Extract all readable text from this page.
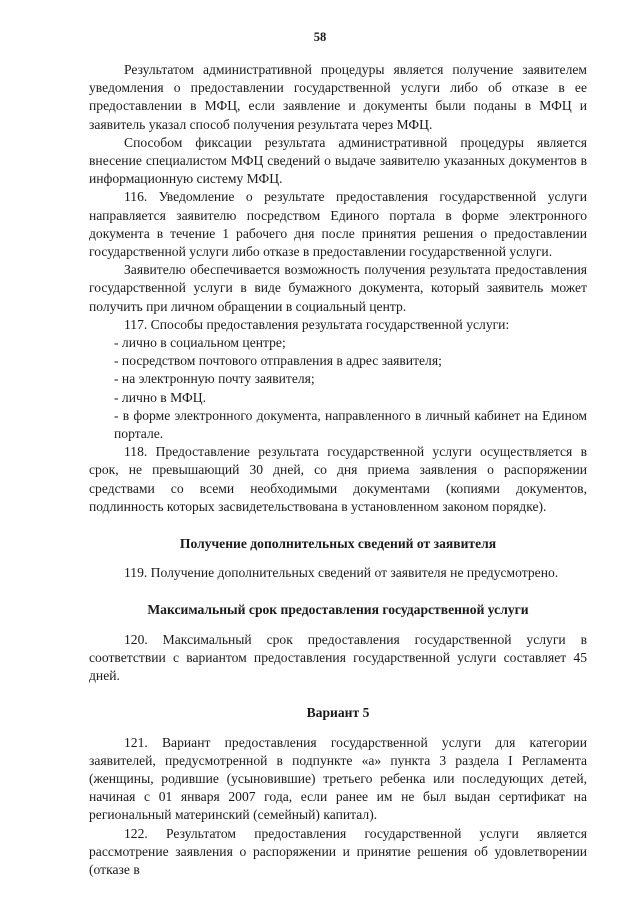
58

Результатом административной процедуры является получение заявителем уведомления о предоставлении государственной услуги либо об отказе в ее предоставлении в МФЦ, если заявление и документы были поданы в МФЦ и заявитель указал способ получения результата через МФЦ.

Способом фиксации результата административной процедуры является внесение специалистом МФЦ сведений о выдаче заявителю указанных документов в информационную систему МФЦ.

116. Уведомление о результате предоставления государственной услуги направляется заявителю посредством Единого портала в форме электронного документа в течение 1 рабочего дня после принятия решения о предоставлении государственной услуги либо отказе в предоставлении государственной услуги.

Заявителю обеспечивается возможность получения результата предоставления государственной услуги в виде бумажного документа, который заявитель может получить при личном обращении в социальный центр.

117. Способы предоставления результата государственной услуги:

- лично в социальном центре;

- посредством почтового отправления в адрес заявителя;

- на электронную почту заявителя;

- лично в МФЦ.

- в форме электронного документа, направленного в личный кабинет на Едином портале.

118. Предоставление результата государственной услуги осуществляется в срок, не превышающий 30 дней, со дня приема заявления о распоряжении средствами со всеми необходимыми документами (копиями документов, подлинность которых засвидетельствована в установленном законом порядке).

Получение дополнительных сведений от заявителя

119. Получение дополнительных сведений от заявителя не предусмотрено.

Максимальный срок предоставления государственной услуги

120. Максимальный срок предоставления государственной услуги в соответствии с вариантом предоставления государственной услуги составляет 45 дней.

Вариант 5

121. Вариант предоставления государственной услуги для категории заявителей, предусмотренной в подпункте «а» пункта 3 раздела I Регламента (женщины, родившие (усыновившие) третьего ребенка или последующих детей, начиная с 01 января 2007 года, если ранее им не был выдан сертификат на региональный материнский (семейный) капитал).

122. Результатом предоставления государственной услуги является рассмотрение заявления о распоряжении и принятие решения об удовлетворении (отказе в
